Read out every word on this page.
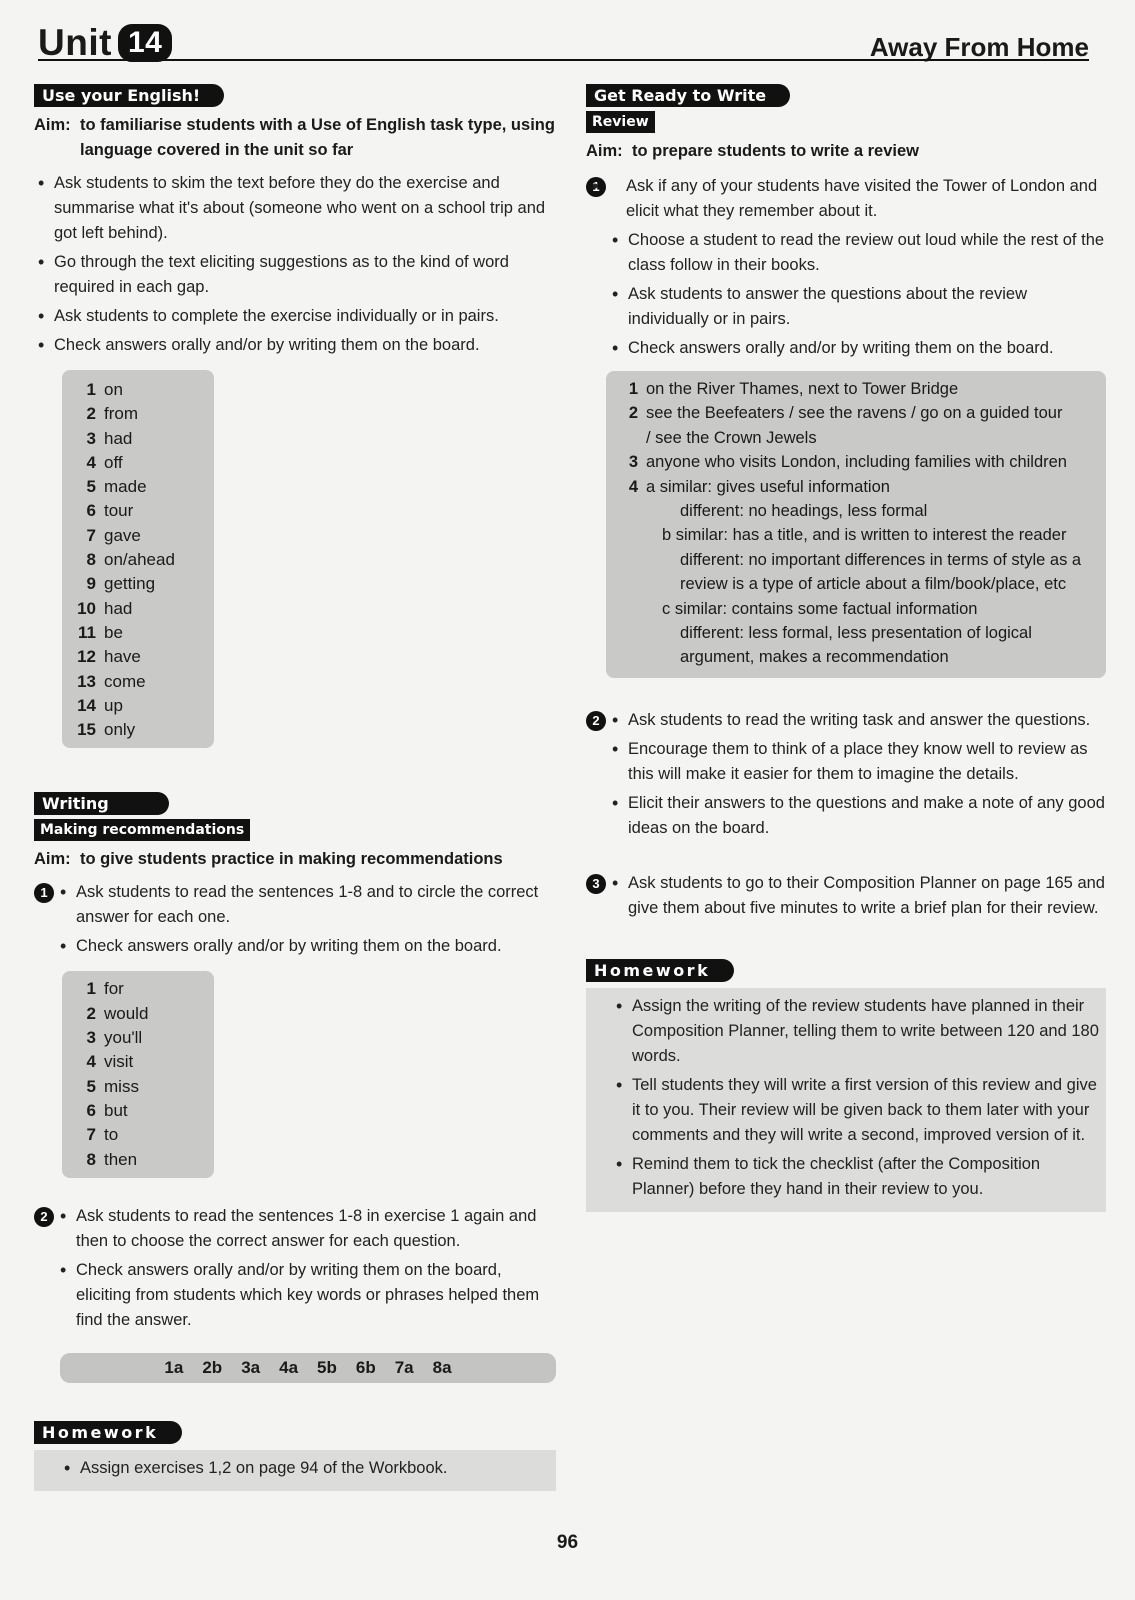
Unit 14	Away From Home
Use your English!
Aim: to familiarise students with a Use of English task type, using language covered in the unit so far
• Ask students to skim the text before they do the exercise and summarise what it's about (someone who went on a school trip and got left behind).
• Go through the text eliciting suggestions as to the kind of word required in each gap.
• Ask students to complete the exercise individually or in pairs.
• Check answers orally and/or by writing them on the board.
1 on
2 from
3 had
4 off
5 made
6 tour
7 gave
8 on/ahead
9 getting
10 had
11 be
12 have
13 come
14 up
15 only
Writing
Making recommendations
Aim: to give students practice in making recommendations
1	• Ask students to read the sentences 1-8 and to circle the correct answer for each one.
• Check answers orally and/or by writing them on the board.
1 for
2 would
3 you'll
4 visit
5 miss
6 but
7 to
8 then
2	• Ask students to read the sentences 1-8 in exercise 1 again and then to choose the correct answer for each question.
• Check answers orally and/or by writing them on the board, eliciting from students which key words or phrases helped them find the answer.
1a 2b 3a 4a 5b 6b 7a 8a
Homework
• Assign exercises 1,2 on page 94 of the Workbook.
Get Ready to Write
Review
Aim: to prepare students to write a review
1	• Ask if any of your students have visited the Tower of London and elicit what they remember about it.
• Choose a student to read the review out loud while the rest of the class follow in their books.
• Ask students to answer the questions about the review individually or in pairs.
• Check answers orally and/or by writing them on the board.
1 on the River Thames, next to Tower Bridge
2 see the Beefeaters / see the ravens / go on a guided tour
/ see the Crown Jewels
3 anyone who visits London, including families with children
4 a similar: gives useful information
different: no headings, less formal
b similar: has a title, and is written to interest the reader
different: no important differences in terms of style as a
review is a type of article about a film/book/place, etc
c similar: contains some factual information
different: less formal, less presentation of logical
argument, makes a recommendation
2	• Ask students to read the writing task and answer the questions.
• Encourage them to think of a place they know well to review as this will make it easier for them to imagine the details.
• Elicit their answers to the questions and make a note of any good ideas on the board.
3	• Ask students to go to their Composition Planner on page 165 and give them about five minutes to write a brief plan for their review.
Homework
• Assign the writing of the review students have planned in their Composition Planner, telling them to write between 120 and 180 words.
• Tell students they will write a first version of this review and give it to you. Their review will be given back to them later with your comments and they will write a second, improved version of it.
• Remind them to tick the checklist (after the Composition Planner) before they hand in their review to you.
96
